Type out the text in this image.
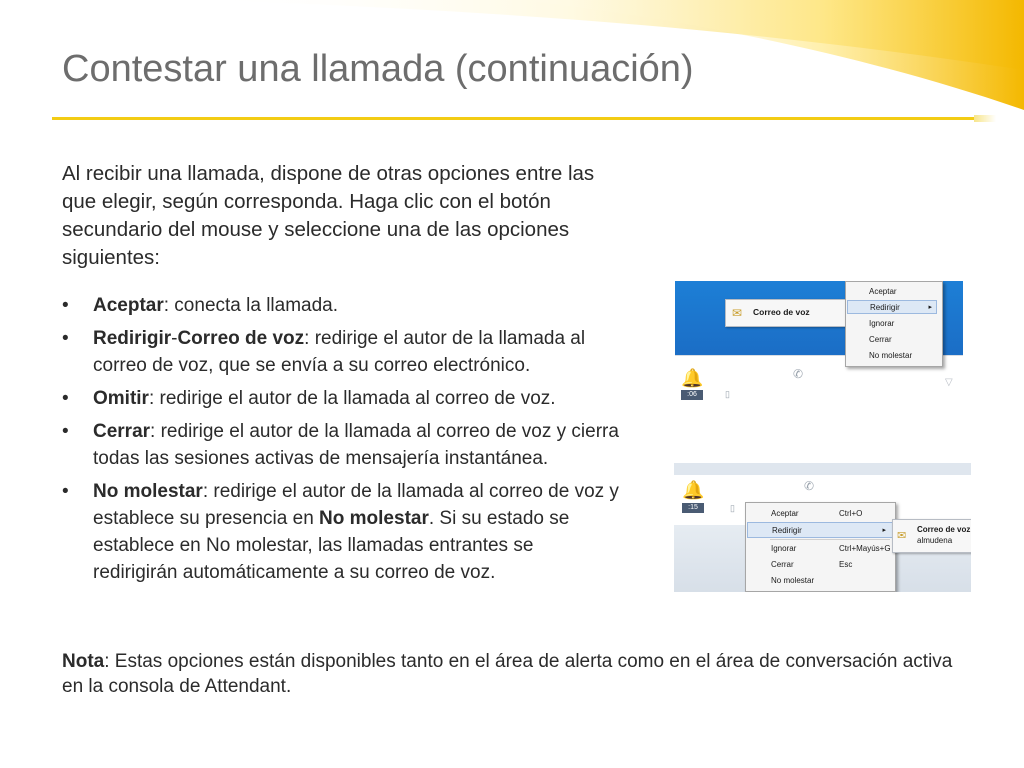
Contestar una llamada (continuación)
Al recibir una llamada, dispone de otras opciones entre las que elegir, según corresponda. Haga clic con el botón secundario del mouse y seleccione una de las opciones siguientes:
• Aceptar: conecta la llamada.
• Redirigir-Correo de voz: redirige el autor de la llamada al correo de voz, que se envía a su correo electrónico.
• Omitir: redirige el autor de la llamada al correo de voz.
• Cerrar: redirige el autor de la llamada al correo de voz y cierra todas las sesiones activas de mensajería instantánea.
• No molestar: redirige el autor de la llamada al correo de voz y establece su presencia en No molestar. Si su estado se establece en No molestar, las llamadas entrantes se redirigirán automáticamente a su correo de voz.
Nota: Estas opciones están disponibles tanto en el área de alerta como en el área de conversación activa en la consola de Attendant.
✉ Correo de voz
Aceptar
Redirigir	▸
Ignorar
Cerrar
No molestar
🔔
:06
✆
▯
▽
🔔
:15
✆
▯
Aceptar	Ctrl+O
Redirigir	▸
Ignorar	Ctrl+Mayús+G
Cerrar	Esc
No molestar
✉
Correo de voz
almudena
